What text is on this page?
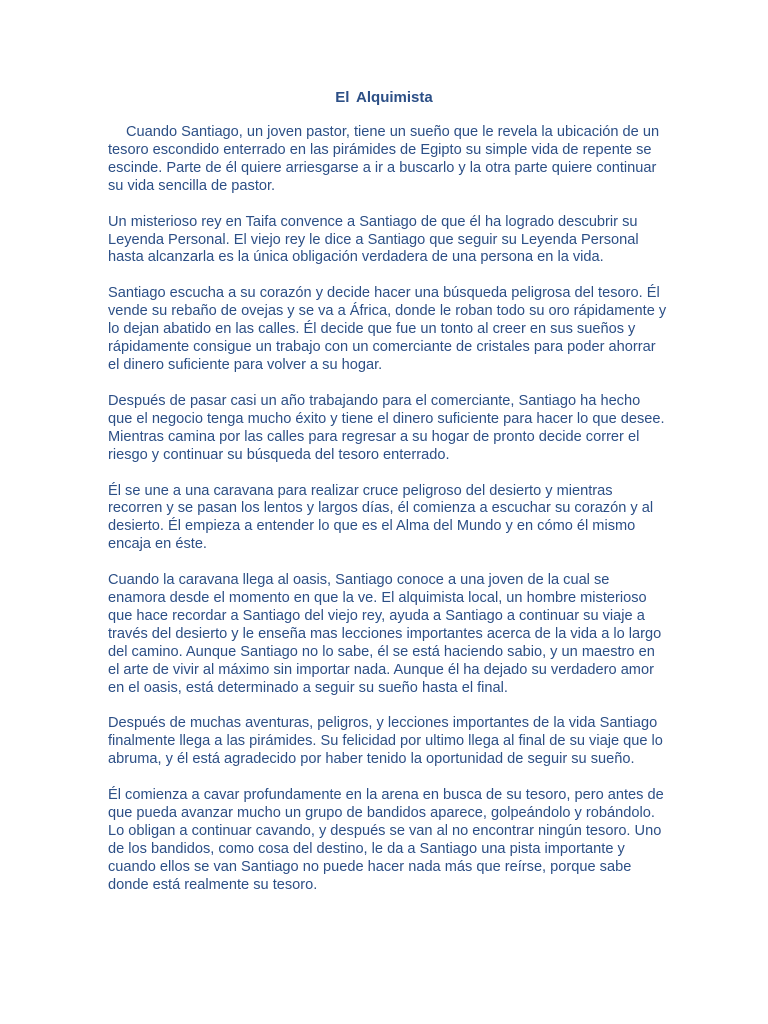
El Alquimista

Cuando Santiago, un joven pastor, tiene un sueño que le revela la ubicación de un tesoro escondido enterrado en las pirámides de Egipto su simple vida de repente se escinde. Parte de él quiere arriesgarse a ir a buscarlo y la otra parte quiere continuar su vida sencilla de pastor.

Un misterioso rey en Taifa convence a Santiago de que él ha logrado descubrir su Leyenda Personal. El viejo rey le dice a Santiago que seguir su Leyenda Personal hasta alcanzarla es la única obligación verdadera de una persona en la vida.

Santiago escucha a su corazón y decide hacer una búsqueda peligrosa del tesoro. Él vende su rebaño de ovejas y se va a África, donde le roban todo su oro rápidamente y lo dejan abatido en las calles. Él decide que fue un tonto al creer en sus sueños y rápidamente consigue un trabajo con un comerciante de cristales para poder ahorrar el dinero suficiente para volver a su hogar.

Después de pasar casi un año trabajando para el comerciante, Santiago ha hecho que el negocio tenga mucho éxito y tiene el dinero suficiente para hacer lo que desee. Mientras camina por las calles para regresar a su hogar de pronto decide correr el riesgo y continuar su búsqueda del tesoro enterrado.

Él se une a una caravana para realizar cruce peligroso del desierto y mientras recorren y se pasan los lentos y largos días, él comienza a escuchar su corazón y al desierto. Él empieza a entender lo que es el Alma del Mundo y en cómo él mismo encaja en éste.

Cuando la caravana llega al oasis, Santiago conoce a una joven de la cual se enamora desde el momento en que la ve. El alquimista local, un hombre misterioso que hace recordar a Santiago del viejo rey, ayuda a Santiago a continuar su viaje a través del desierto y le enseña mas lecciones importantes acerca de la vida a lo largo del camino. Aunque Santiago no lo sabe, él se está haciendo sabio, y un maestro en el arte de vivir al máximo sin importar nada. Aunque él ha dejado su verdadero amor en el oasis, está determinado a seguir su sueño hasta el final.

Después de muchas aventuras, peligros, y lecciones importantes de la vida Santiago finalmente llega a las pirámides. Su felicidad por ultimo llega al final de su viaje que lo abruma, y él está agradecido por haber tenido la oportunidad de seguir su sueño.

Él comienza a cavar profundamente en la arena en busca de su tesoro, pero antes de que pueda avanzar mucho un grupo de bandidos aparece, golpeándolo y robándolo. Lo obligan a continuar cavando, y después se van al no encontrar ningún tesoro. Uno de los bandidos, como cosa del destino, le da a Santiago una pista importante y cuando ellos se van Santiago no puede hacer nada más que reírse, porque sabe donde está realmente su tesoro.
